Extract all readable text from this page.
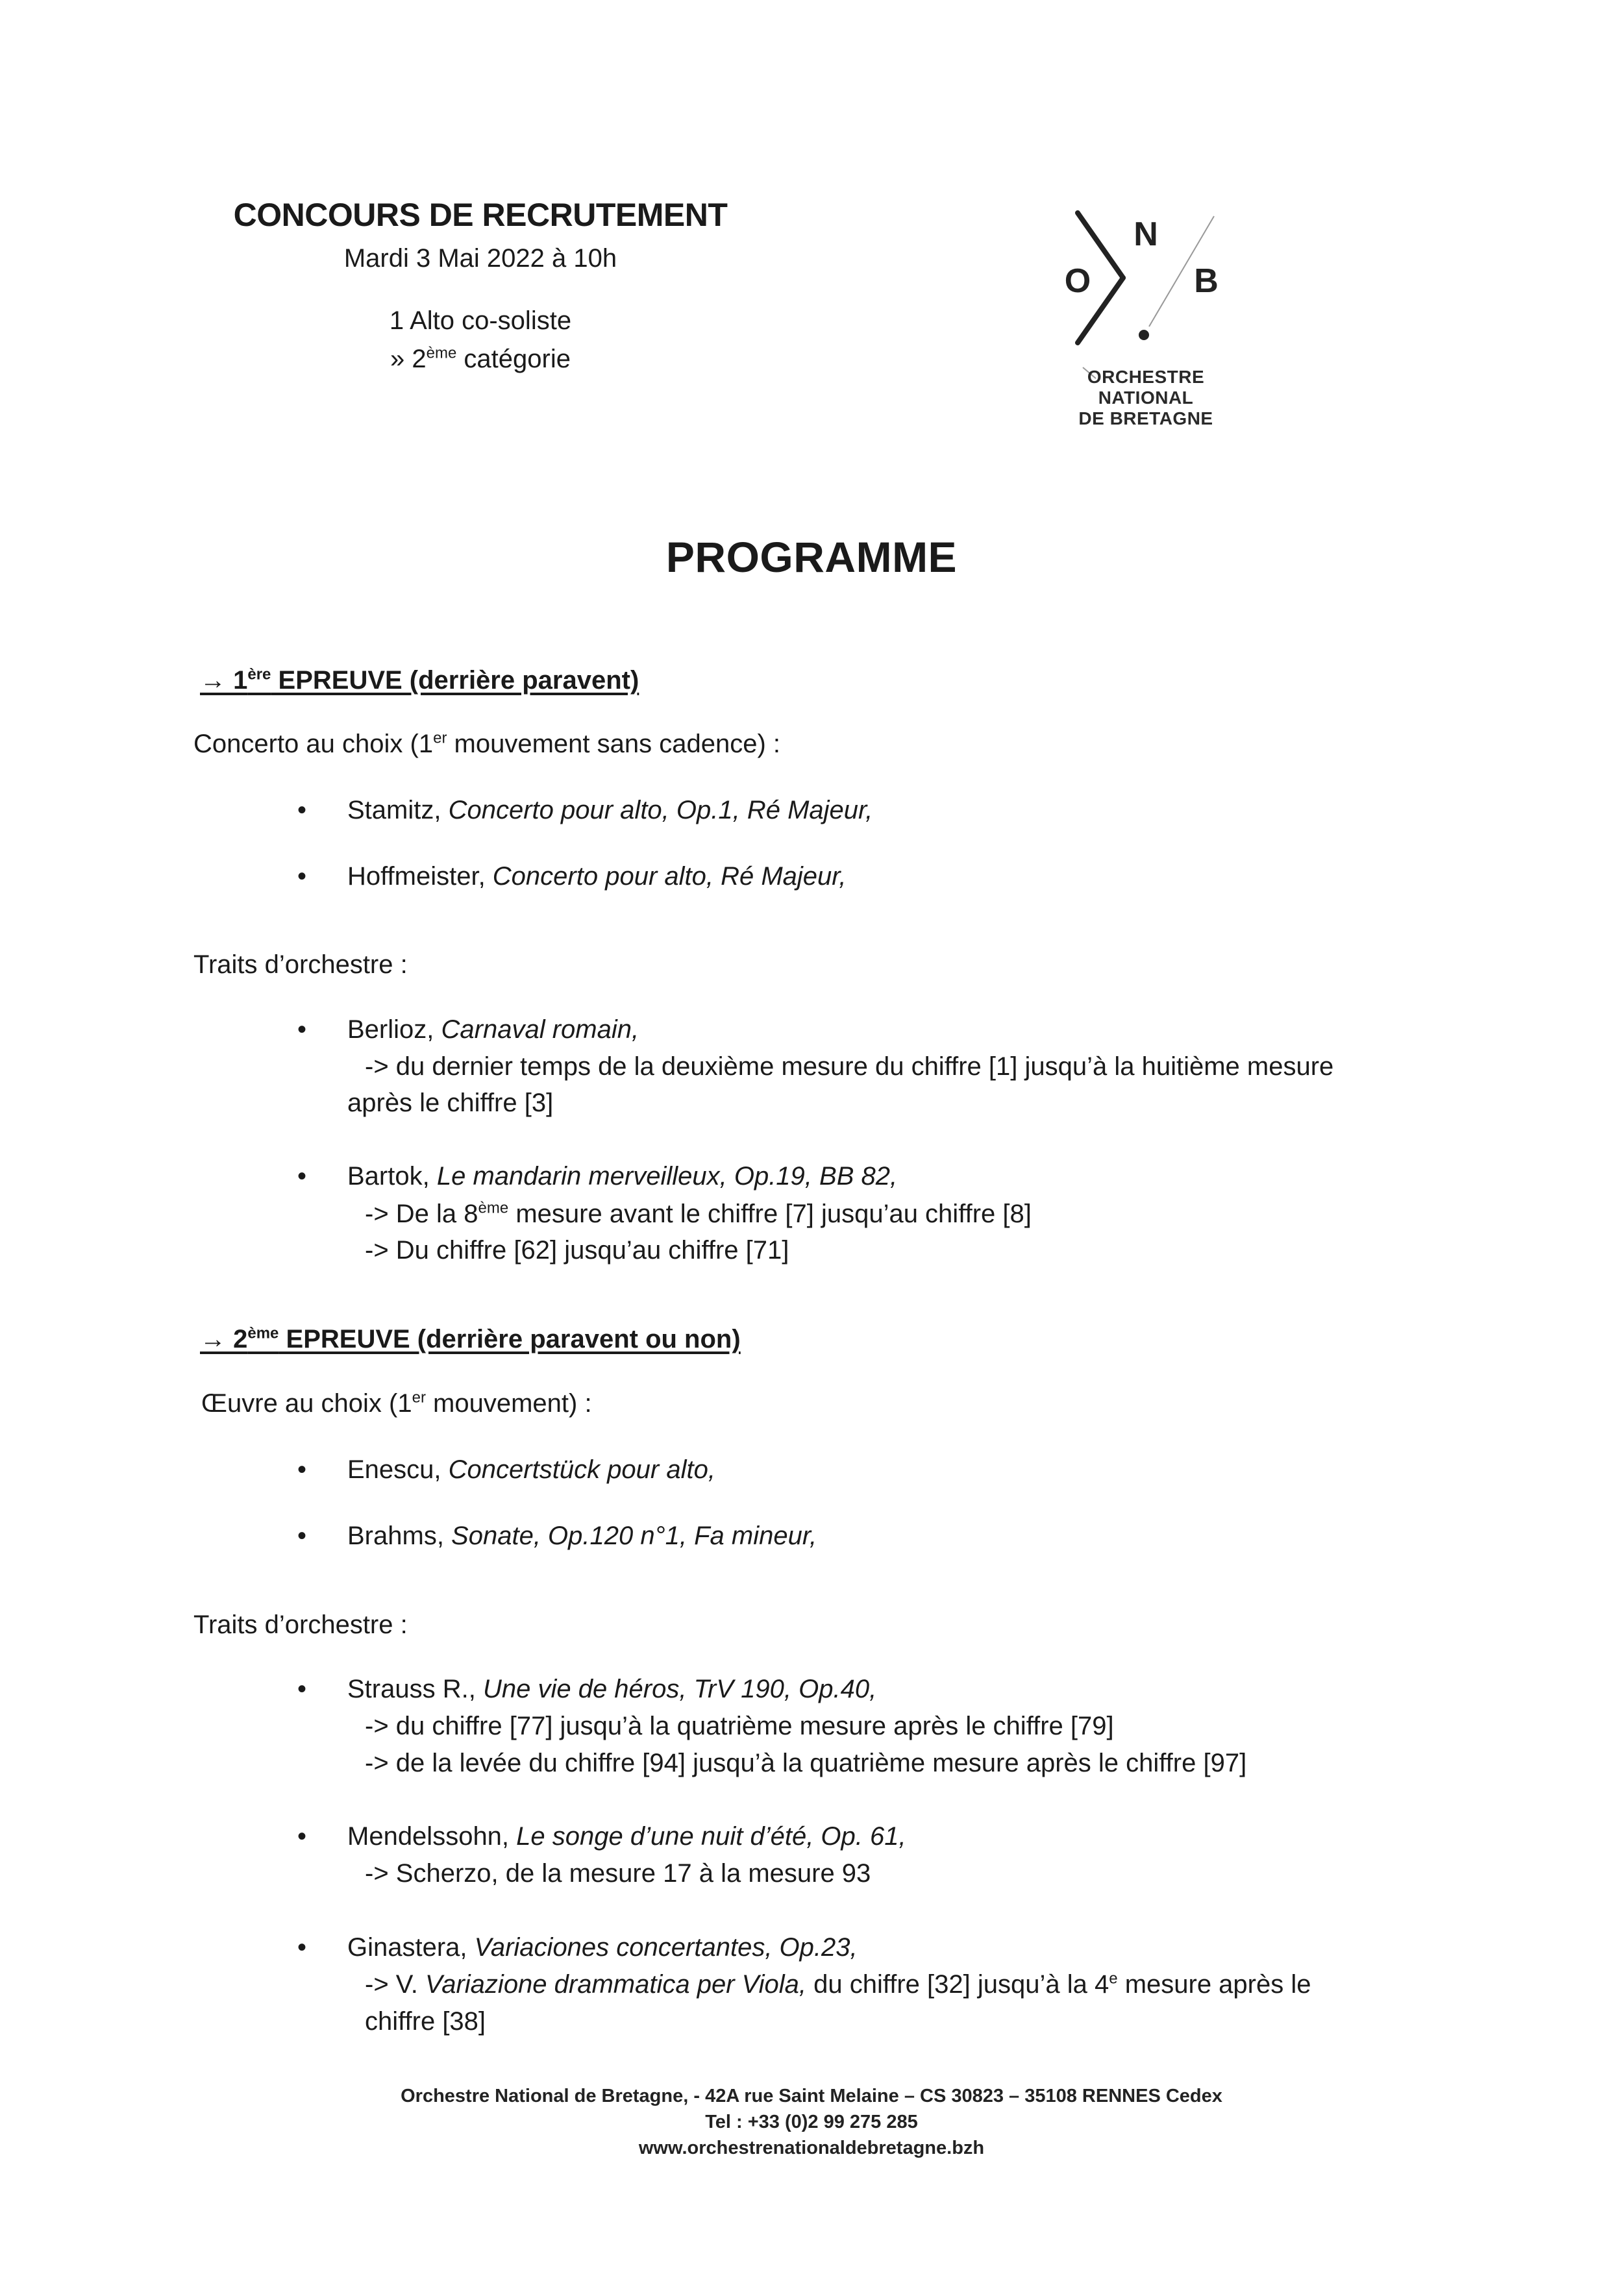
CONCOURS DE RECRUTEMENT
Mardi 3 Mai 2022 à 10h
1 Alto co-soliste
» 2ème catégorie
N
O	B
ORCHESTRE
NATIONAL
DE BRETAGNE
PROGRAMME
→ 1ère EPREUVE (derrière paravent)
Concerto au choix (1er mouvement sans cadence) :
• Stamitz, Concerto pour alto, Op.1, Ré Majeur,
• Hoffmeister, Concerto pour alto, Ré Majeur,
Traits d’orchestre :
• Berlioz, Carnaval romain,
-> du dernier temps de la deuxième mesure du chiffre [1] jusqu’à la huitième mesure
après le chiffre [3]
• Bartok, Le mandarin merveilleux, Op.19, BB 82,
-> De la 8ème mesure avant le chiffre [7] jusqu’au chiffre [8]
-> Du chiffre [62] jusqu’au chiffre [71]
→ 2ème EPREUVE (derrière paravent ou non)
Œuvre au choix (1er mouvement) :
• Enescu, Concertstück pour alto,
• Brahms, Sonate, Op.120 n°1, Fa mineur,
Traits d’orchestre :
• Strauss R., Une vie de héros, TrV 190, Op.40,
-> du chiffre [77] jusqu’à la quatrième mesure après le chiffre [79]
-> de la levée du chiffre [94] jusqu’à la quatrième mesure après le chiffre [97]
• Mendelssohn, Le songe d’une nuit d’été, Op. 61,
-> Scherzo, de la mesure 17 à la mesure 93
• Ginastera, Variaciones concertantes, Op.23,
-> V. Variazione drammatica per Viola, du chiffre [32] jusqu’à la 4e mesure après le
chiffre [38]
Orchestre National de Bretagne, - 42A rue Saint Melaine – CS 30823 – 35108 RENNES Cedex
Tel : +33 (0)2 99 275 285
www.orchestrenationaldebretagne.bzh
